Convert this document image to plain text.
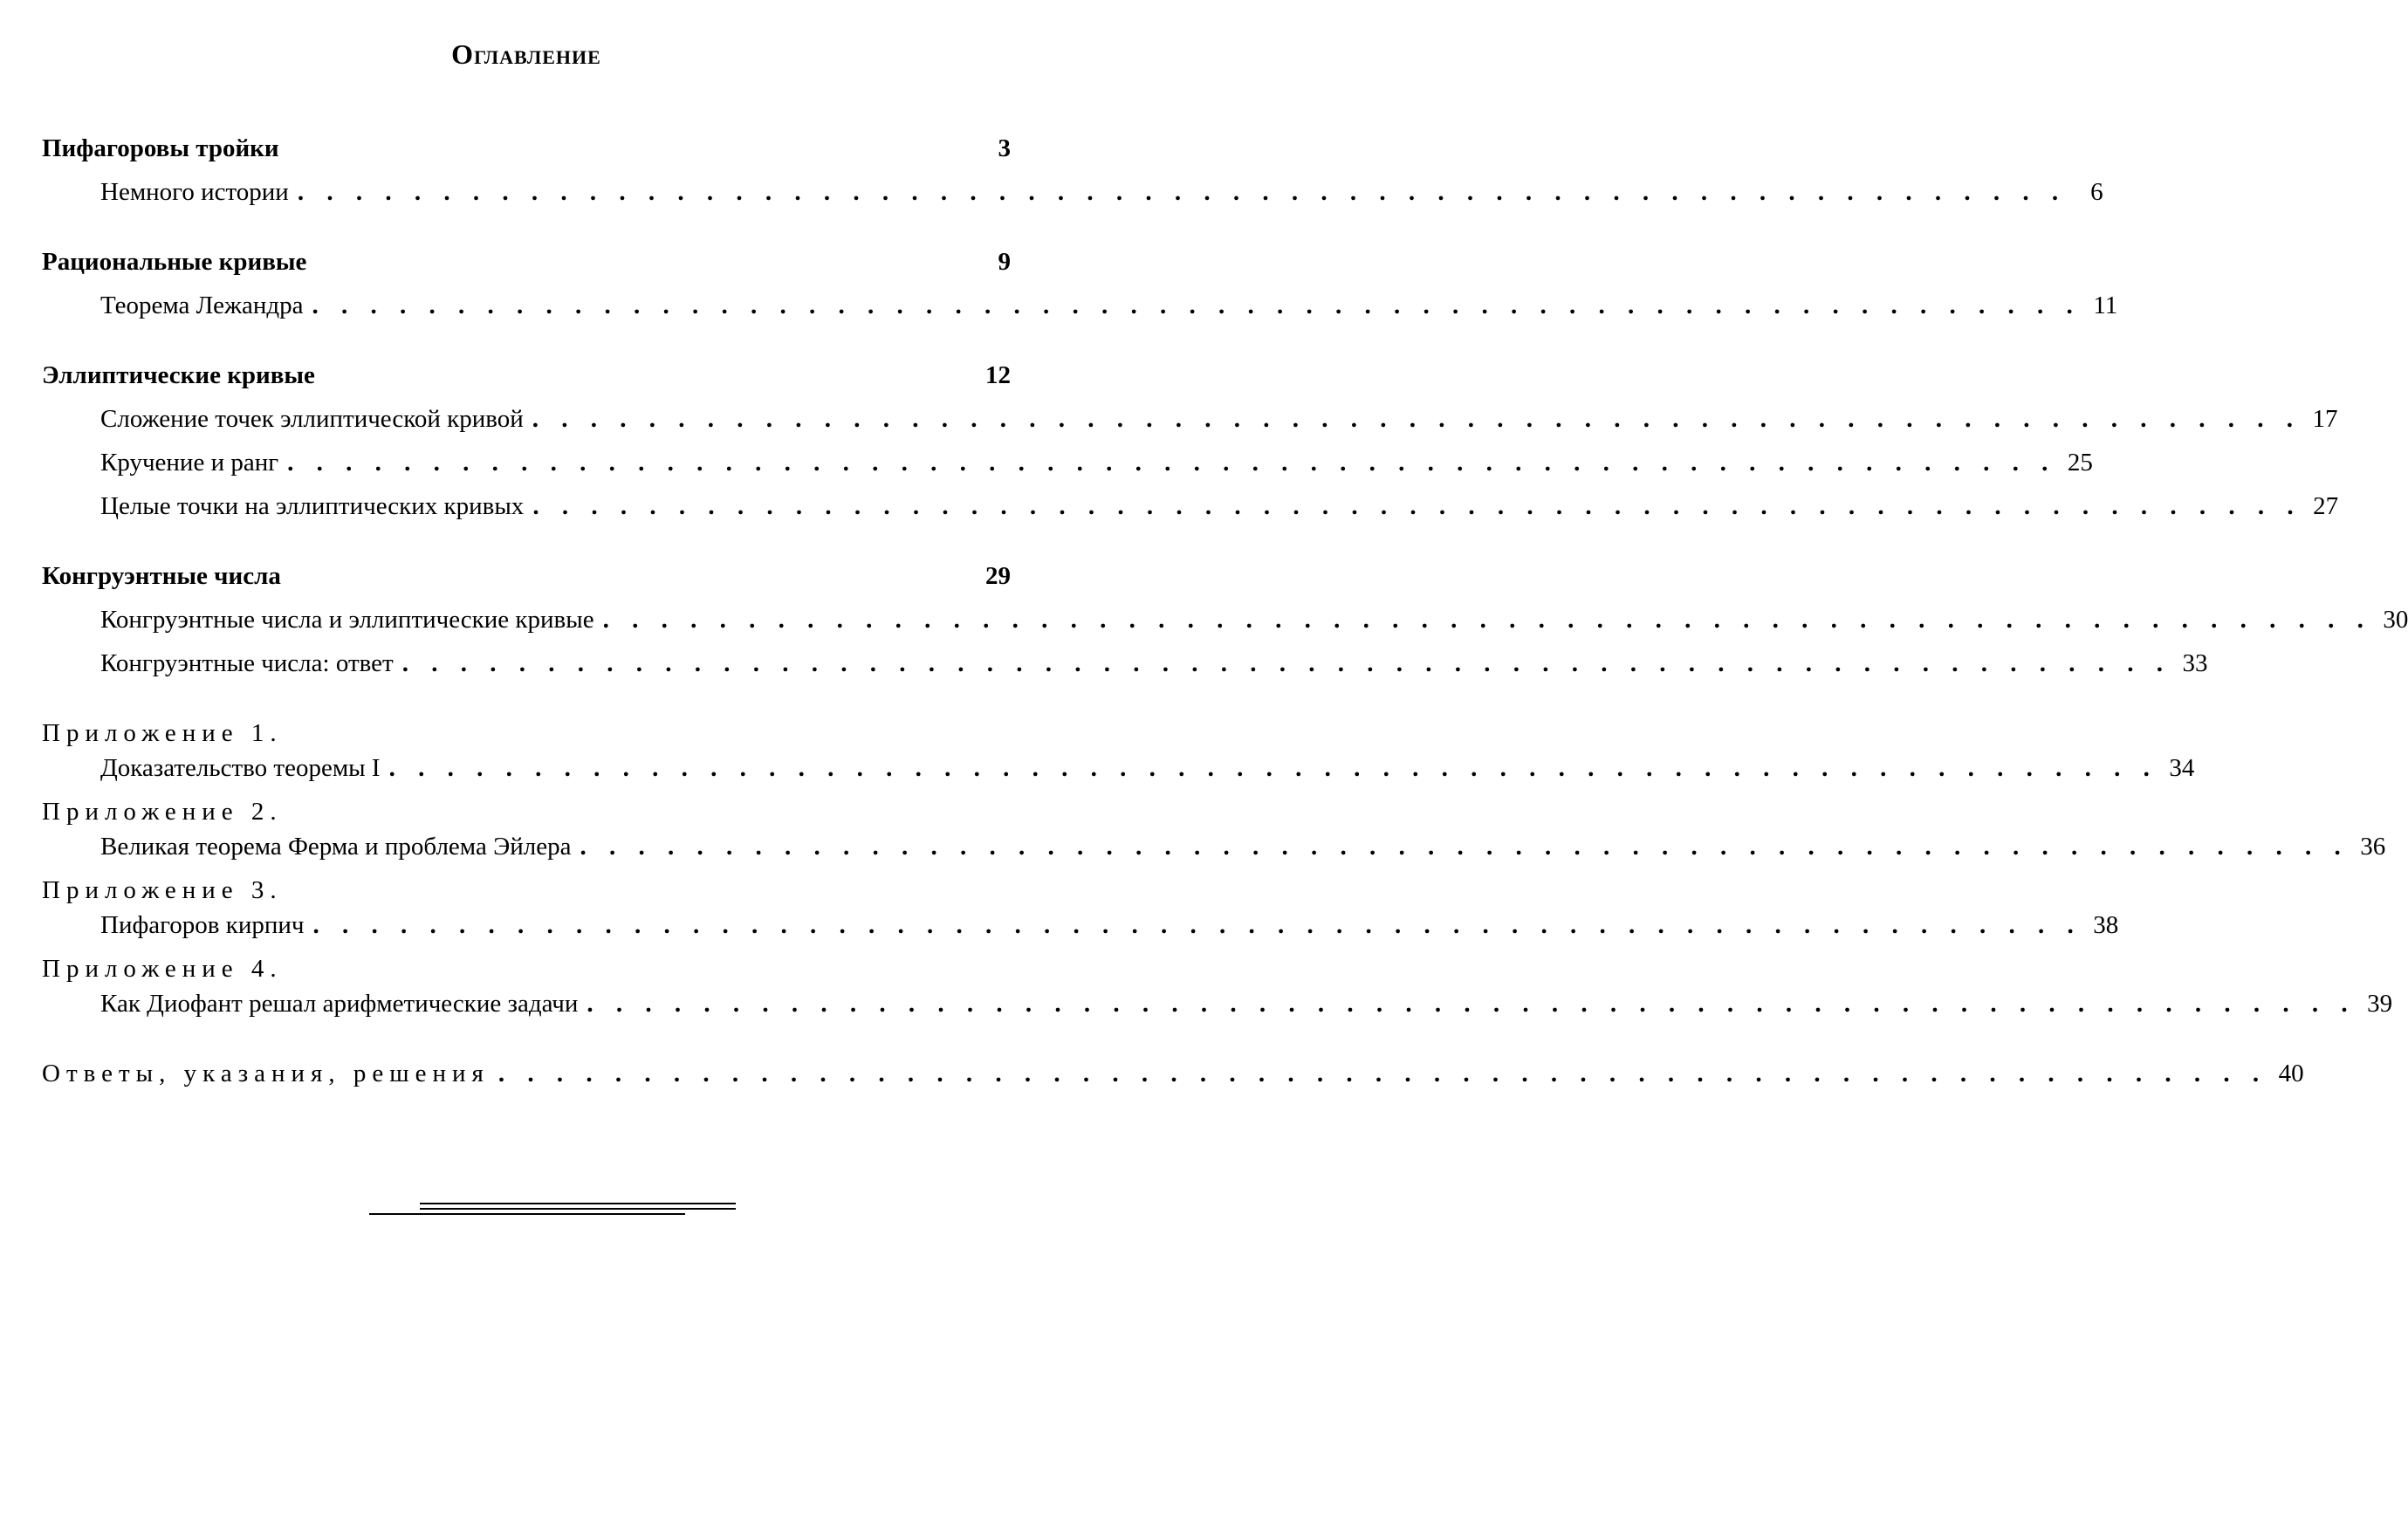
Оглавление
Пифагоровы тройки	3
Немного истории . . . . . . . . . . . . . . . . . . . . . . . . . . . . . . . . . . . . . . . . . . . . . . . . . . . . . . . . . . . . . 6
Рациональные кривые	9
Теорема Лежандра . . . . . . . . . . . . . . . . . . . . . . . . . . . . . . . . . . . . . . . . . . . . . . . . . . . . . . . . . . . . . 11
Эллиптические кривые	12
Сложение точек эллиптической кривой . . . . . . . . . . . . . . . . . . . . . . . . . . . . . . . . . . . . . . . . . . . . . . . . . . . . . . . . . . . . . 17
Кручение и ранг . . . . . . . . . . . . . . . . . . . . . . . . . . . . . . . . . . . . . . . . . . . . . . . . . . . . . . . . . . . . . 25
Целые точки на эллиптических кривых . . . . . . . . . . . . . . . . . . . . . . . . . . . . . . . . . . . . . . . . . . . . . . . . . . . . . . . . . . . . . 27
Конгруэнтные числа	29
Конгруэнтные числа и эллиптические кривые . . . . . . . . . . . . . . . . . . . . . . . . . . . . . . . . . . . . . . . . . . . . . . . . . . . . . . . . . . . . . 30
Конгруэнтные числа: ответ . . . . . . . . . . . . . . . . . . . . . . . . . . . . . . . . . . . . . . . . . . . . . . . . . . . . . . . . . . . . . 33
Приложение 1.
Доказательство теоремы I . . . . . . . . . . . . . . . . . . . . . . . . . . . . . . . . . . . . . . . . . . . . . . . . . . . . . . . . . . . . . 34
Приложение 2.
Великая теорема Ферма и проблема Эйлера . . . . . . . . . . . . . . . . . . . . . . . . . . . . . . . . . . . . . . . . . . . . . . . . . . . . . . . . . . . . . 36
Приложение 3.
Пифагоров кирпич . . . . . . . . . . . . . . . . . . . . . . . . . . . . . . . . . . . . . . . . . . . . . . . . . . . . . . . . . . . . . 38
Приложение 4.
Как Диофант решал арифметические задачи . . . . . . . . . . . . . . . . . . . . . . . . . . . . . . . . . . . . . . . . . . . . . . . . . . . . . . . . . . . . . 39
Ответы, указания, решения . . . . . . . . . . . . . . . . . . . . . . . . . . . . . . . . . . . . . . . . . . . . . . . . . . . . . . . . . . . . . 40
